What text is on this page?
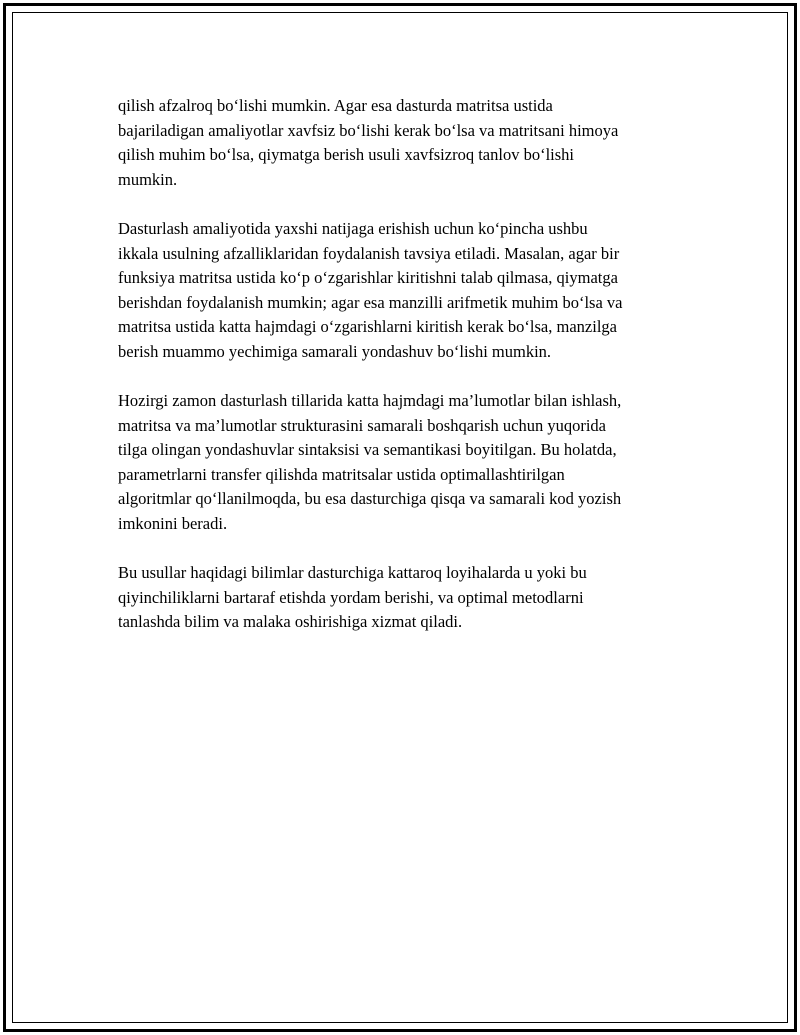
qilish afzalroq bo‘lishi mumkin. Agar esa dasturda matritsa ustida
bajariladigan amaliyotlar xavfsiz bo‘lishi kerak bo‘lsa va matritsani himoya
qilish muhim bo‘lsa, qiymatga berish usuli xavfsizroq tanlov bo‘lishi
mumkin.

Dasturlash amaliyotida yaxshi natijaga erishish uchun ko‘pincha ushbu
ikkala usulning afzalliklaridan foydalanish tavsiya etiladi. Masalan, agar bir
funksiya matritsa ustida ko‘p o‘zgarishlar kiritishni talab qilmasa, qiymatga
berishdan foydalanish mumkin; agar esa manzilli arifmetik muhim bo‘lsa va
matritsa ustida katta hajmdagi o‘zgarishlarni kiritish kerak bo‘lsa, manzilga
berish muammo yechimiga samarali yondashuv bo‘lishi mumkin.

Hozirgi zamon dasturlash tillarida katta hajmdagi ma’lumotlar bilan ishlash,
matritsa va ma’lumotlar strukturasini samarali boshqarish uchun yuqorida
tilga olingan yondashuvlar sintaksisi va semantikasi boyitilgan. Bu holatda,
parametrlarni transfer qilishda matritsalar ustida optimallashtirilgan
algoritmlar qo‘llanilmoqda, bu esa dasturchiga qisqa va samarali kod yozish
imkonini beradi.

Bu usullar haqidagi bilimlar dasturchiga kattaroq loyihalarda u yoki bu
qiyinchiliklarni bartaraf etishda yordam berishi, va optimal metodlarni
tanlashda bilim va malaka oshirishiga xizmat qiladi.
